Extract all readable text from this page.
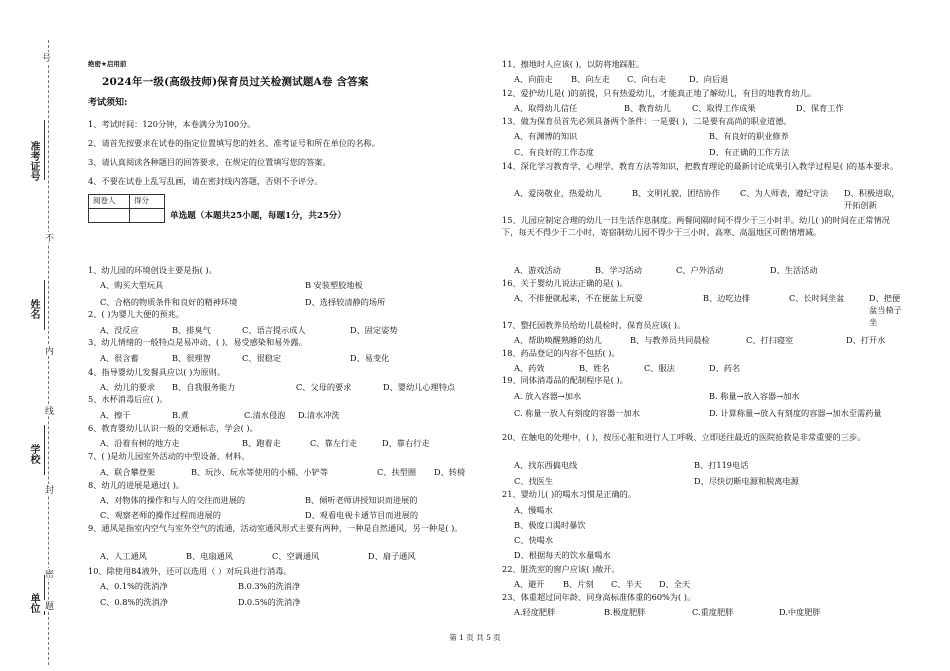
号
准考证号
不
姓名
内
线
学校
封
密
单位 题
绝密★启用前
2024年一级(高级技师)保育员过关检测试题A卷 含答案
考试须知:
1、考试时间：120分钟，本卷满分为100分。
2、请首先按要求在试卷的指定位置填写您的姓名、准考证号和所在单位的名称。
3、请认真阅读各种题目的回答要求，在规定的位置填写您的答案。
4、不要在试卷上乱写乱画，请在密封线内答题，否则不予评分。
阅卷人	得分

单选题（本题共25小题，每题1分，共25分）
1、幼儿园的环境创设主要是指( )。
A、购买大型玩具	B 安装塑胶地板
C、合格的物质条件和良好的精神环境	D、选择较清静的场所
2、( )为婴儿大便的预兆。
A、没反应	B、排臭气	C、语言提示成人	D、固定姿势
3、幼儿情绪的一般特点是易冲动、( )、易受感染和易外露。
A、很含蓄	B、很理智	C、很稳定	D、易变化
4、指导婴幼儿发餐具应以( )为原则。
A、幼儿的要求 B、自我服务能力	C、父母的要求	D、婴幼儿心理特点
5、水杯消毒后应( )。
A、擦干	B.煮	C.清水侵泡 D.清水冲洗
6、教育婴幼儿认识一般的交通标志，学会( )。
A、沿着有树的地方走	B、跑着走	C、靠左行走	D、靠右行走
7、( )是幼儿园室外活动的中型设备、材料。
A、联合攀登架	B、玩沙、玩水等使用的小桶、小铲等	C、扶型圈 D、转椅
8、幼儿的进展是通过( )。
A、对物体的操作和与人的交往而进展的	B、倾听老师讲授知识而进展的
C、观察老师的操作过程而进展的	D、观看电视卡通节目而进展的
9、通风是指室内空气与室外空气的流通，活动室通风形式主要有两种，一种是自然通风，另一种是( )。
A、人工通风	B、电扇通风	C、空调通风	D、扇子通风
10、除使用84液外，还可以选用（ ）对玩具进行消毒。
A、0.1%的洗消净	B.0.3%的洗消净
C、0.8%的洗消净	D.0.5%的洗消净
11、擦地时人应该( )，以防将地踩脏。
A、向前走 B、向左走 C、向右走	D、向后退
12、爱护幼儿是( )的前提，只有热爱幼儿，才能真正地了解幼儿，有目的地教育幼儿。
A、取得幼儿信任	B、教育幼儿	C、取得工作成果	D、保育工作
13、做为保育员首先必须具备两个条件：一是要( )，二是要有高尚的职业道德。
A、有渊博的知识	B、有良好的职业修养
C、有良好的工作态度	D、有正确的工作方法
14、深化学习教育学、心理学、教育方法等知识，把教育理论的最新讨论成果引入教学过程是( )的基本要求。
A、爱岗敬业，热爱幼儿	B、文明礼貌，团结协作 C、为人师表，遵纪守法 D、积极进取，开拓创新
15、儿园应制定合理的幼儿一日生活作息制度。两餐间隔时间不得少于三小时半。幼儿( )的时间在正常情况下，每天不得少于二小时，寄宿制幼儿园不得少于三小时，高寒、高温地区可酌情增减。
A、游戏活动	B、学习活动	C、户外活动	D、生活活动
16、关于婴幼儿说法正确的是( )。
A、不排便就起来，不在便盆上玩耍	B、边吃边排	C、长时间坐盆	D、把便盆当椅子坐
17、整托园教养员给幼儿晨检时，保育员应该( )。
A、帮助唤醒熟睡的幼儿	B、与教养员共同晨检	C、打扫寝室	D、打开水
18、药品登记的内容不包括( )。
A、药效	B、姓名	C、服法	D、药名
19、同体消毒品的配制程序是( )。
A. 放入容器→加水	B. 称量→放入容器→加水
C. 称量一放人有刻度的容器一加水	D. 计算称量→放入有刻度的容器→加水至需药量
20、在触电的处理中，( )，按压心脏和进行人工呼吸、立即送往最近的医院抢救是非常重要的三步。
A、找东西搞电线	B、打119电话
C、找医生	D、尽快切断电源和脱离电源
21、婴幼儿( )的喝水习惯是正确的。
A、慢喝水
B、极度口渴时暴饮
C、快喝水
D、根据每天的饮水量喝水
22、脏洗室的窗户应该( )敞开。
A、避开 B、片刻 C、半天 D、全天
23、体重超过同年龄、同身高标准体重的60%为( )。
A.轻度肥胖	B.极度肥胖	C.重度肥胖	D.中度肥胖
第 1 页 共 5 页
